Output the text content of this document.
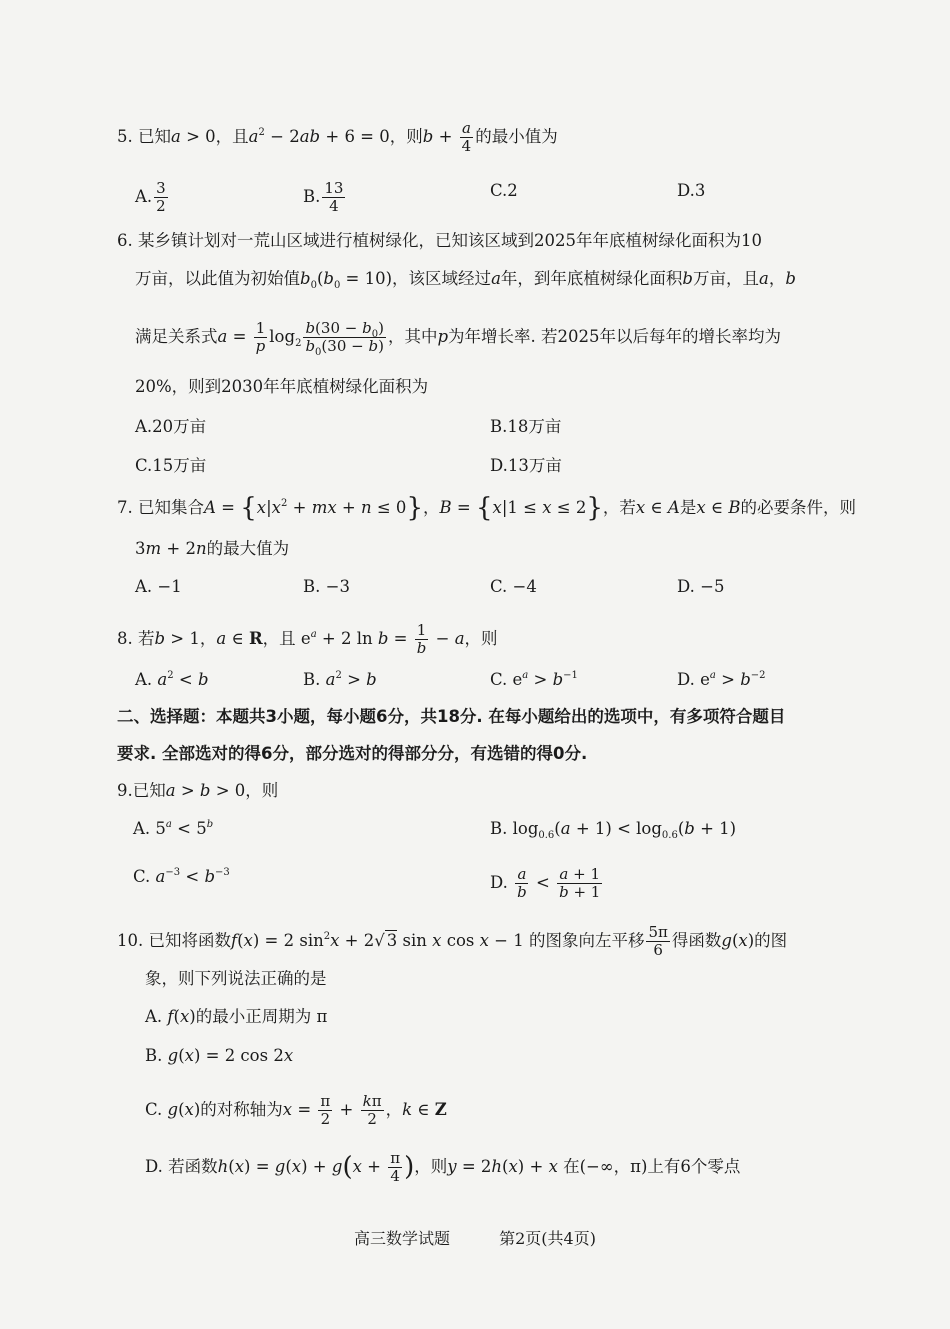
5. 已知a > 0，且$a^2 - 2ab + 6 = 0$，则$b + \frac{a}{4}$ 的最小值为
A. $\frac{3}{2}$	B. $\frac{13}{4}$	C.2	D.3
6. 某乡镇计划对一荒山区域进行植树绿化，已知该区域到2025年年底植树绿化面积为10
万亩，以此值为初始值$b_0(b_0 = 10)$，该区域经过a年，到年底植树绿化面积b万亩，且a，b
满足关系式$a = \frac{1}{p} \log_2 \frac{b(30 - b_0)}{b_0(30 - b)}$ ，其中p为年增长率. 若2025年以后每年的增长率均为
20%，则到2030年年底植树绿化面积为
A.20万亩	B.18万亩
C.15万亩	D.13万亩
7. 已知集合$A = \{x|x^2$ + mx + n ≤ 0}，B = {x|1 ≤ x ≤ 2}，若x ∈ A是x ∈ B的必要条件，则
3m + 2n的最大值为
A. −1	B. −3	C. −4	D. −5
8. 若b > 1，a ∈ R，且 $e^a + 2$ $\ln b = \frac{1}{b} - a$，则
A. $a^2 < b$	B. $a^2 > b$	C. $e^a > b^{-1}$	D. $e^a > b^{-2}$
二、选择题：本题共3小题，每小题6分，共18分. 在每小题给出的选项中，有多项符合题目
要求. 全部选对的得6分，部分选对的得部分分，有选错的得0分.
9.已知a > b > 0，则
A. $5^a < 5^b$	B. $\log_{0.6}(a + 1) < \log_{0.6}(b + 1)$
C. $a^{-3} < b^{-3}$
D. $\frac{a}{b} < \frac{a + 1}{b + 1}$
10. 已知将函数f(x) = 2 $\sin^2x + 2√$ 3 sin x cos x − 1 的图象向左平移 $\frac{5\pi}{6}$ 得函数g(x)的图
象，则下列说法正确的是
A. f(x)的最小正周期为 π
B. g(x) = 2 cos 2x
C. g(x)的对称轴为$x = \frac{\pi}{2} + \frac{k\pi}{2}$ ，k ∈ Z
D. 若函数$h(x) = g(x) + g(x + \frac{\pi}{4}$ )，则y = 2h(x) + x 在(−∞，π)上有6个零点
高三数学试题	第2页(共4页)
